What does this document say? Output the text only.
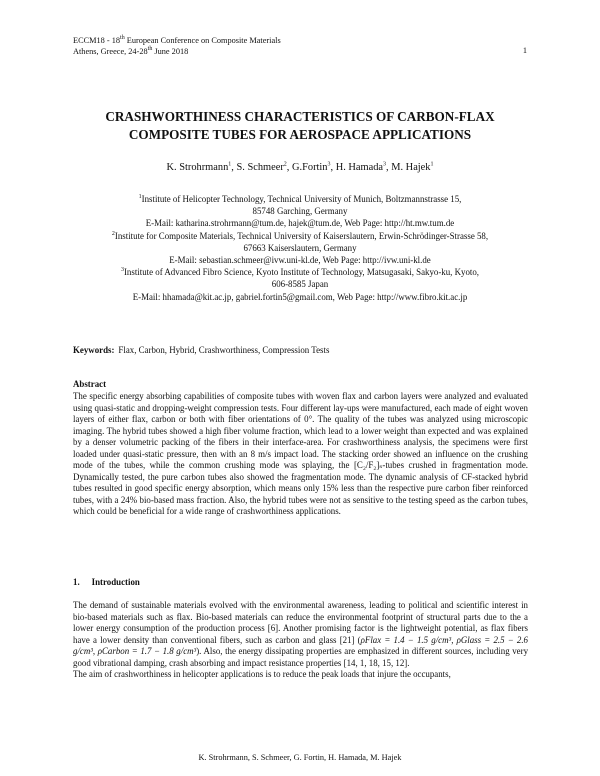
ECCM18 - 18th European Conference on Composite Materials
Athens, Greece, 24-28th June 2018	1
CRASHWORTHINESS CHARACTERISTICS OF CARBON-FLAX
COMPOSITE TUBES FOR AEROSPACE APPLICATIONS
K. Strohrmann$^1$, S. Schmeer$^2$, G.Fortin$^3$, H. Hamada$^3$, M. Hajek$^1$
$^1$Institute of Helicopter Technology, Technical University of Munich, Boltzmannstrasse 15,
85748 Garching, Germany
E-Mail: katharina.strohrmann@tum.de, hajek@tum.de, Web Page: http://ht.mw.tum.de
$^2$Institute for Composite Materials, Technical University of Kaiserslautern, Erwin-Schrödinger-Strasse 58,
67663 Kaiserslautern, Germany
E-Mail: sebastian.schmeer@ivw.uni-kl.de, Web Page: http://ivw.uni-kl.de
$^3$Institute of Advanced Fibro Science, Kyoto Institute of Technology, Matsugasaki, Sakyo-ku, Kyoto,
606-8585 Japan
E-Mail: hhamada@kit.ac.jp, gabriel.fortin5@gmail.com, Web Page: http://www.fibro.kit.ac.jp
Keywords: Flax, Carbon, Hybrid, Crashworthiness, Compression Tests
Abstract
The specific energy absorbing capabilities of composite tubes with woven flax and carbon layers were analyzed and evaluated using quasi-static and dropping-weight compression tests. Four different lay-ups were manufactured, each made of eight woven layers of either flax, carbon or both with fiber orientations of 0°. The quality of the tubes was analyzed using microscopic imaging. The hybrid tubes showed a high fiber volume fraction, which lead to a lower weight than expected and was explained by a denser volumetric packing of the fibers in their interface-area. For crashworthiness analysis, the specimens were first loaded under quasi-static pressure, then with an 8 m/s impact load. The stacking order showed an influence on the crushing mode of the tubes, while the common crushing mode was splaying, the [C₂/F₂]ₛ-tubes crushed in fragmentation mode. Dynamically tested, the pure carbon tubes also showed the fragmentation mode. The dynamic analysis of CF-stacked hybrid tubes resulted in good specific energy absorption, which means only 15% less than the respective pure carbon fiber reinforced tubes, with a 24% bio-based mass fraction. Also, the hybrid tubes were not as sensitive to the testing speed as the carbon tubes, which could be beneficial for a wide range of crashworthiness applications.
1. Introduction

The demand of sustainable materials evolved with the environmental awareness, leading to political and scientific interest in bio-based materials such as flax. Bio-based materials can reduce the environmental footprint of structural parts due to the a lower energy consumption of the production process [6]. Another promising factor is the lightweight potential, as flax fibers have a lower density than conventional fibers, such as carbon and glass [21] (ρFlax = 1.4 − 1.5 g/cm³, ρGlass = 2.5 − 2.6 g/cm³, ρCarbon = 1.7 − 1.8 g/cm³). Also, the energy dissipating properties are emphasized in different sources, including very good vibrational damping, crash absorbing and impact resistance properties [14, 1, 18, 15, 12].

The aim of crashworthiness in helicopter applications is to reduce the peak loads that injure the occupants,

K. Strohrmann, S. Schmeer, G. Fortin, H. Hamada, M. Hajek
